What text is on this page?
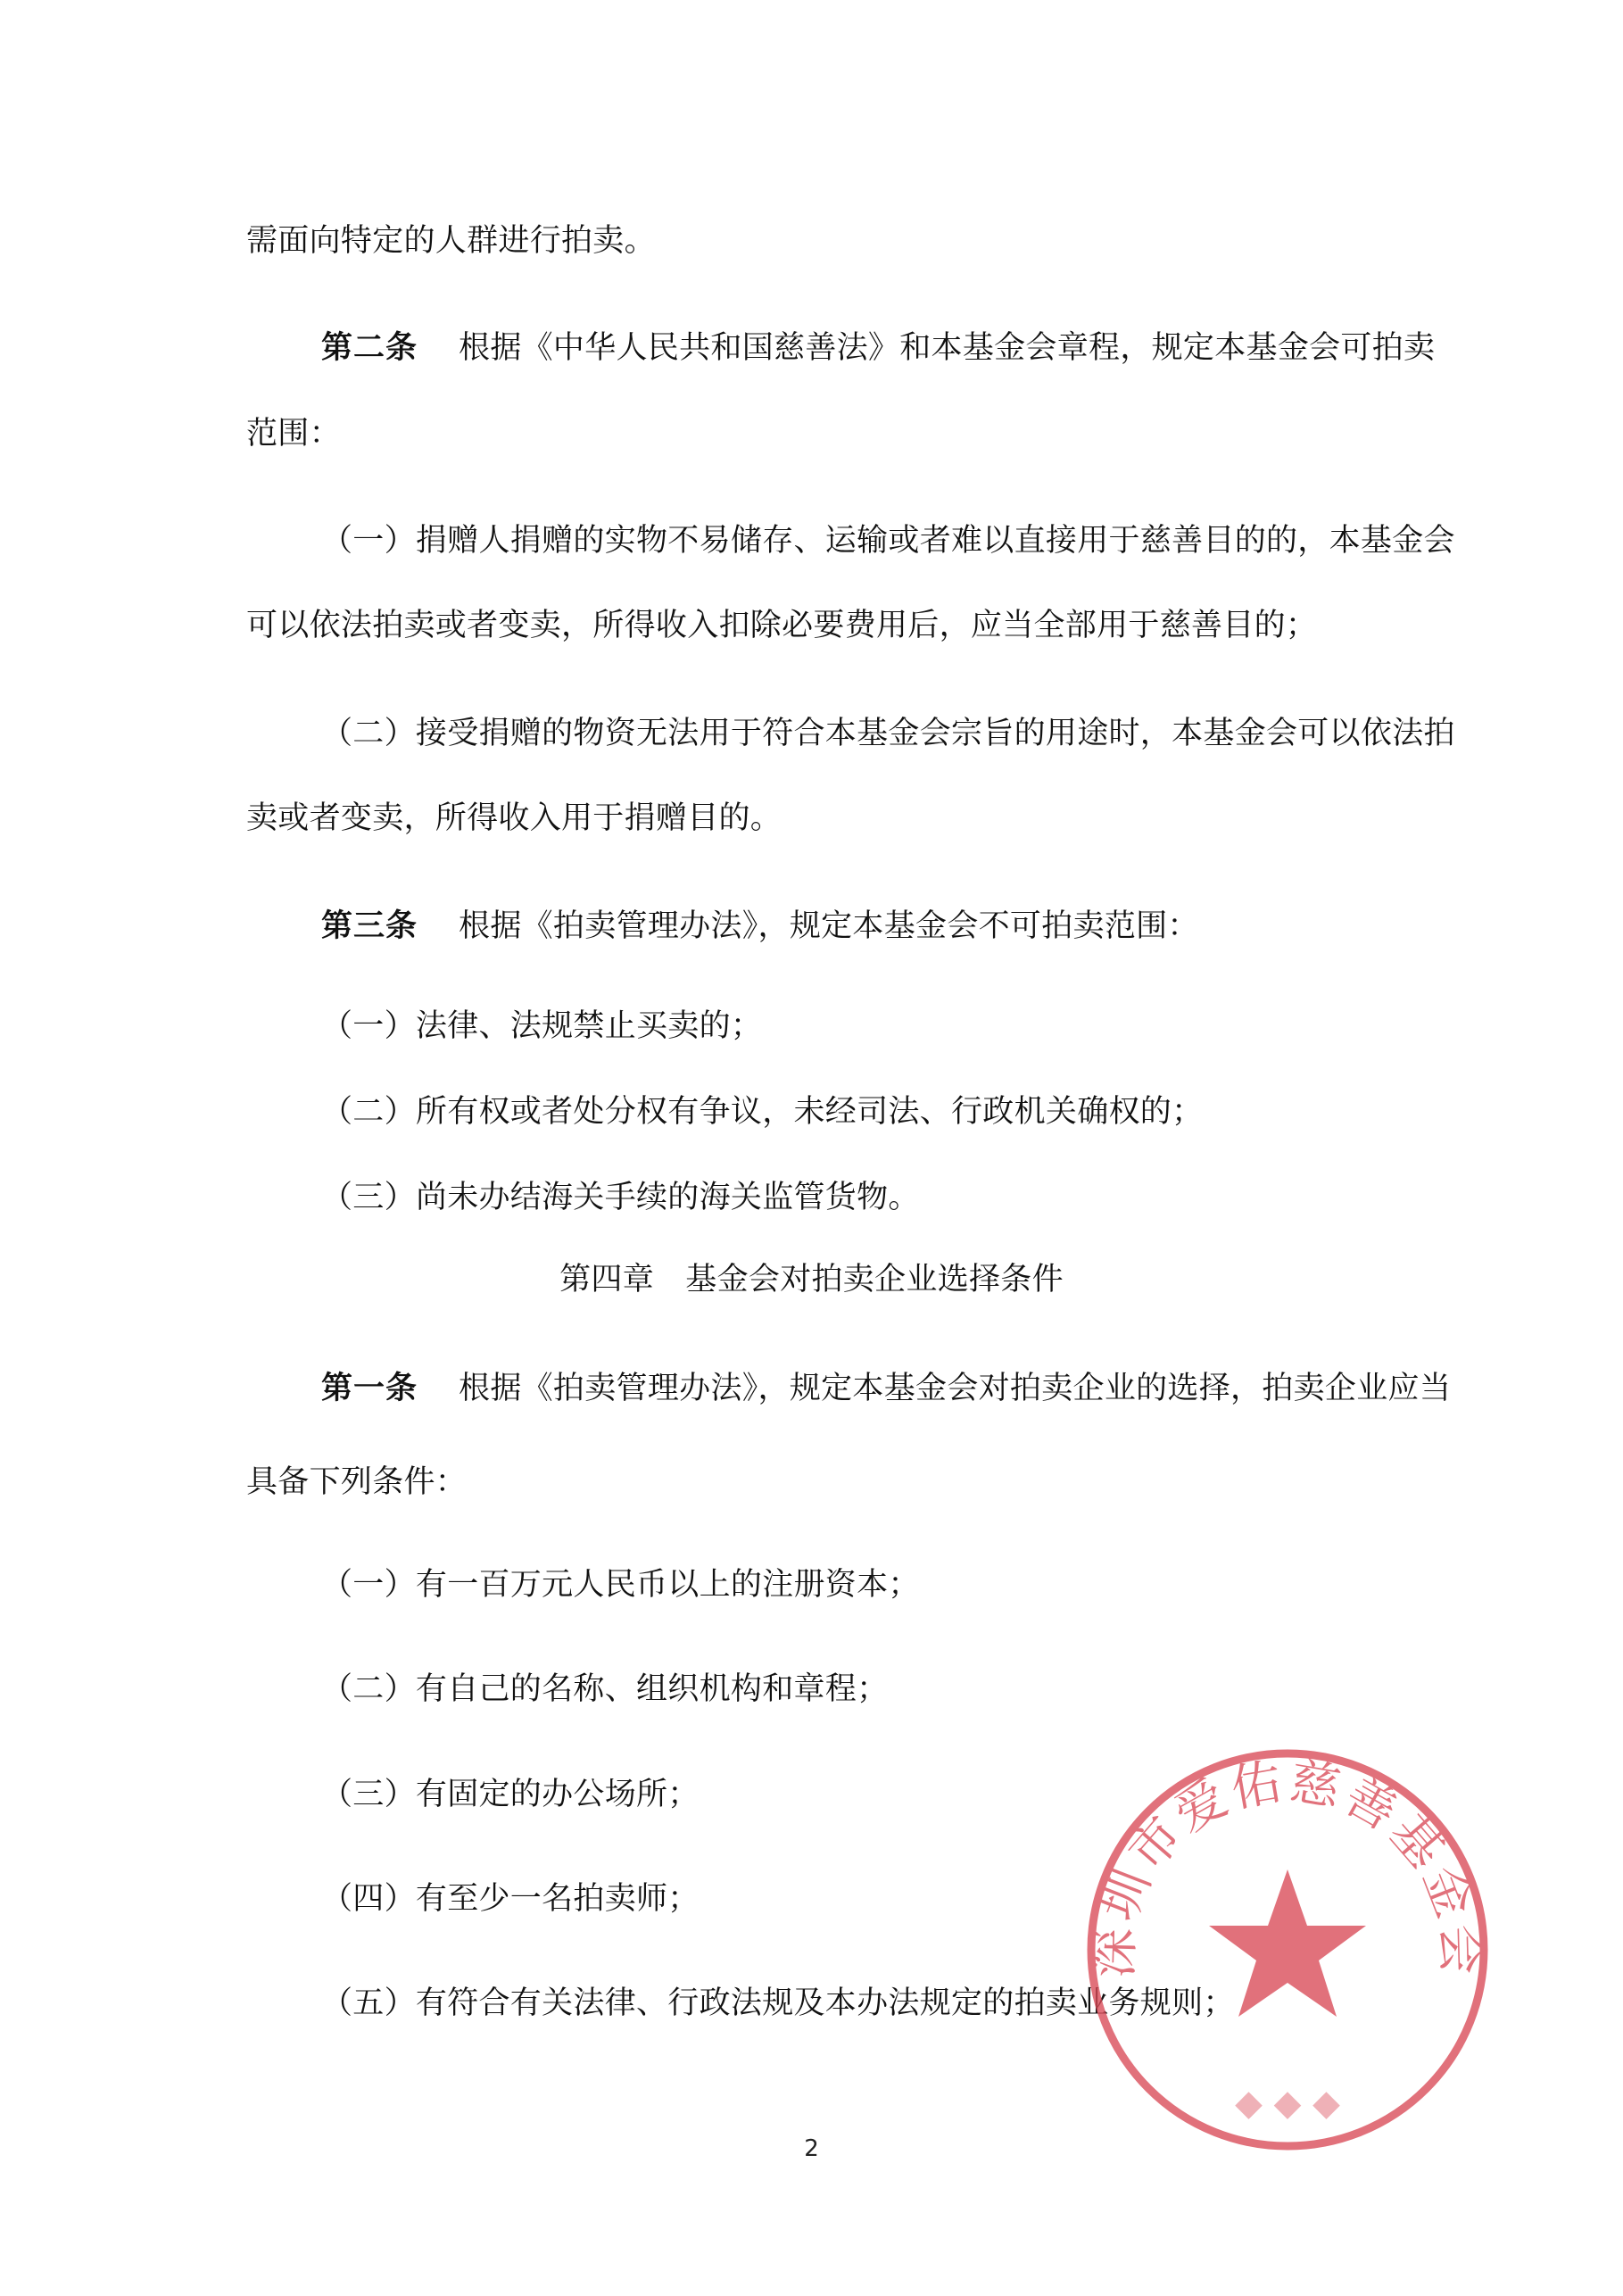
需面向特定的人群进行拍卖。
第二条 根据《中华人民共和国慈善法》和本基金会章程，规定本基金会可拍卖
范围：
（一）捐赠人捐赠的实物不易储存、运输或者难以直接用于慈善目的的，本基金会
可以依法拍卖或者变卖，所得收入扣除必要费用后，应当全部用于慈善目的；
（二）接受捐赠的物资无法用于符合本基金会宗旨的用途时，本基金会可以依法拍
卖或者变卖，所得收入用于捐赠目的。
第三条 根据《拍卖管理办法》，规定本基金会不可拍卖范围：
（一）法律、法规禁止买卖的；
（二）所有权或者处分权有争议，未经司法、行政机关确权的；
（三）尚未办结海关手续的海关监管货物。
第四章　基金会对拍卖企业选择条件
第一条 根据《拍卖管理办法》，规定本基金会对拍卖企业的选择，拍卖企业应当
具备下列条件：
（一）有一百万元人民币以上的注册资本；
（二）有自己的名称、组织机构和章程；
（三）有固定的办公场所；
（四）有至少一名拍卖师；
（五）有符合有关法律、行政法规及本办法规定的拍卖业务规则；
2
深圳市爱佑慈善基金会
◆ ◆ ◆
